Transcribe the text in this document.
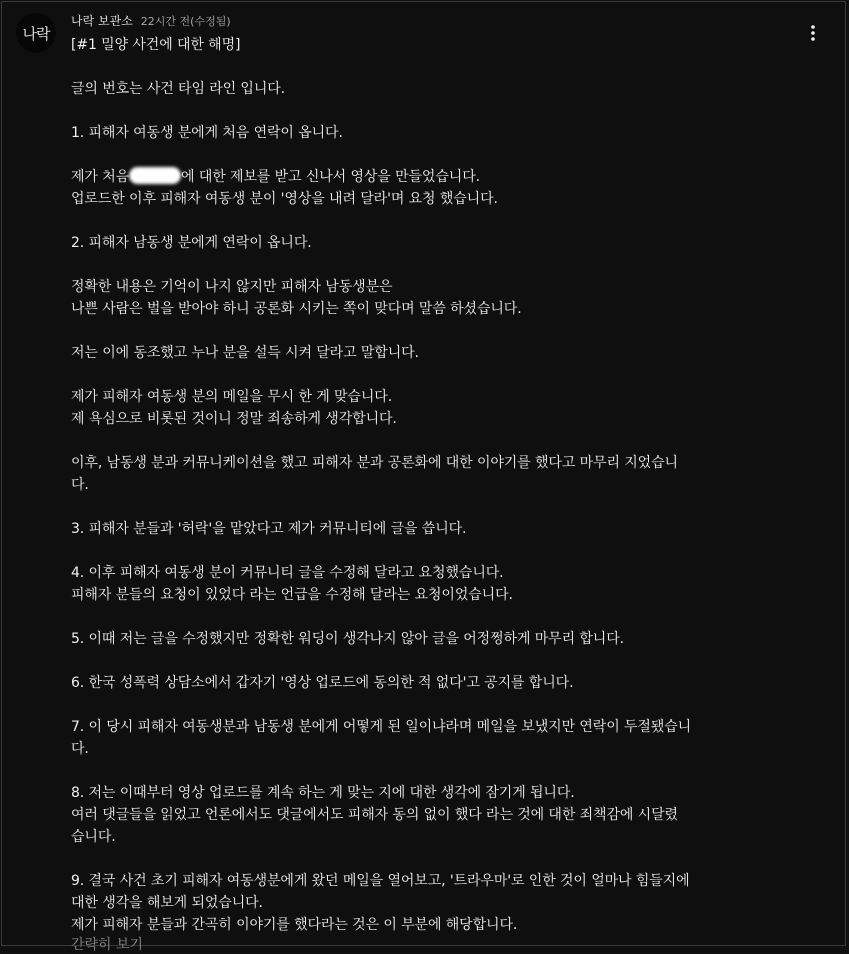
나락
나락 보관소 22시간 전(수정됨)
[#1 밀양 사건에 대한 해명]
글의 번호는 사건 타임 라인 입니다.
1. 피해자 여동생 분에게 처음 연락이 옵니다.
제가 처음	에 대한 제보를 받고 신나서 영상을 만들었습니다.
업로드한 이후 피해자 여동생 분이 '영상을 내려 달라'며 요청 했습니다.
2. 피해자 남동생 분에게 연락이 옵니다.
정확한 내용은 기억이 나지 않지만 피해자 남동생분은
나쁜 사람은 벌을 받아야 하니 공론화 시키는 쪽이 맞다며 말씀 하셨습니다.
저는 이에 동조했고 누나 분을 설득 시켜 달라고 말합니다.
제가 피해자 여동생 분의 메일을 무시 한 게 맞습니다.
제 욕심으로 비롯된 것이니 정말 죄송하게 생각합니다.
이후, 남동생 분과 커뮤니케이션을 했고 피해자 분과 공론화에 대한 이야기를 했다고 마무리 지었습니
다.
3. 피해자 분들과 '허락'을 맡았다고 제가 커뮤니티에 글을 씁니다.
4. 이후 피해자 여동생 분이 커뮤니티 글을 수정해 달라고 요청했습니다.
피해자 분들의 요청이 있었다 라는 언급을 수정해 달라는 요청이었습니다.
5. 이때 저는 글을 수정했지만 정확한 워딩이 생각나지 않아 글을 어정쩡하게 마무리 합니다.
6. 한국 성폭력 상담소에서 갑자기 '영상 업로드에 동의한 적 없다'고 공지를 합니다.
7. 이 당시 피해자 여동생분과 남동생 분에게 어떻게 된 일이냐라며 메일을 보냈지만 연락이 두절됐습니
다.
8. 저는 이때부터 영상 업로드를 계속 하는 게 맞는 지에 대한 생각에 잠기게 됩니다.
여러 댓글들을 읽었고 언론에서도 댓글에서도 피해자 동의 없이 했다 라는 것에 대한 죄책감에 시달렸
습니다.
9. 결국 사건 초기 피해자 여동생분에게 왔던 메일을 열어보고, '트라우마'로 인한 것이 얼마나 힘들지에
대한 생각을 해보게 되었습니다.
제가 피해자 분들과 간곡히 이야기를 했다라는 것은 이 부분에 해당합니다.
간략히 보기
